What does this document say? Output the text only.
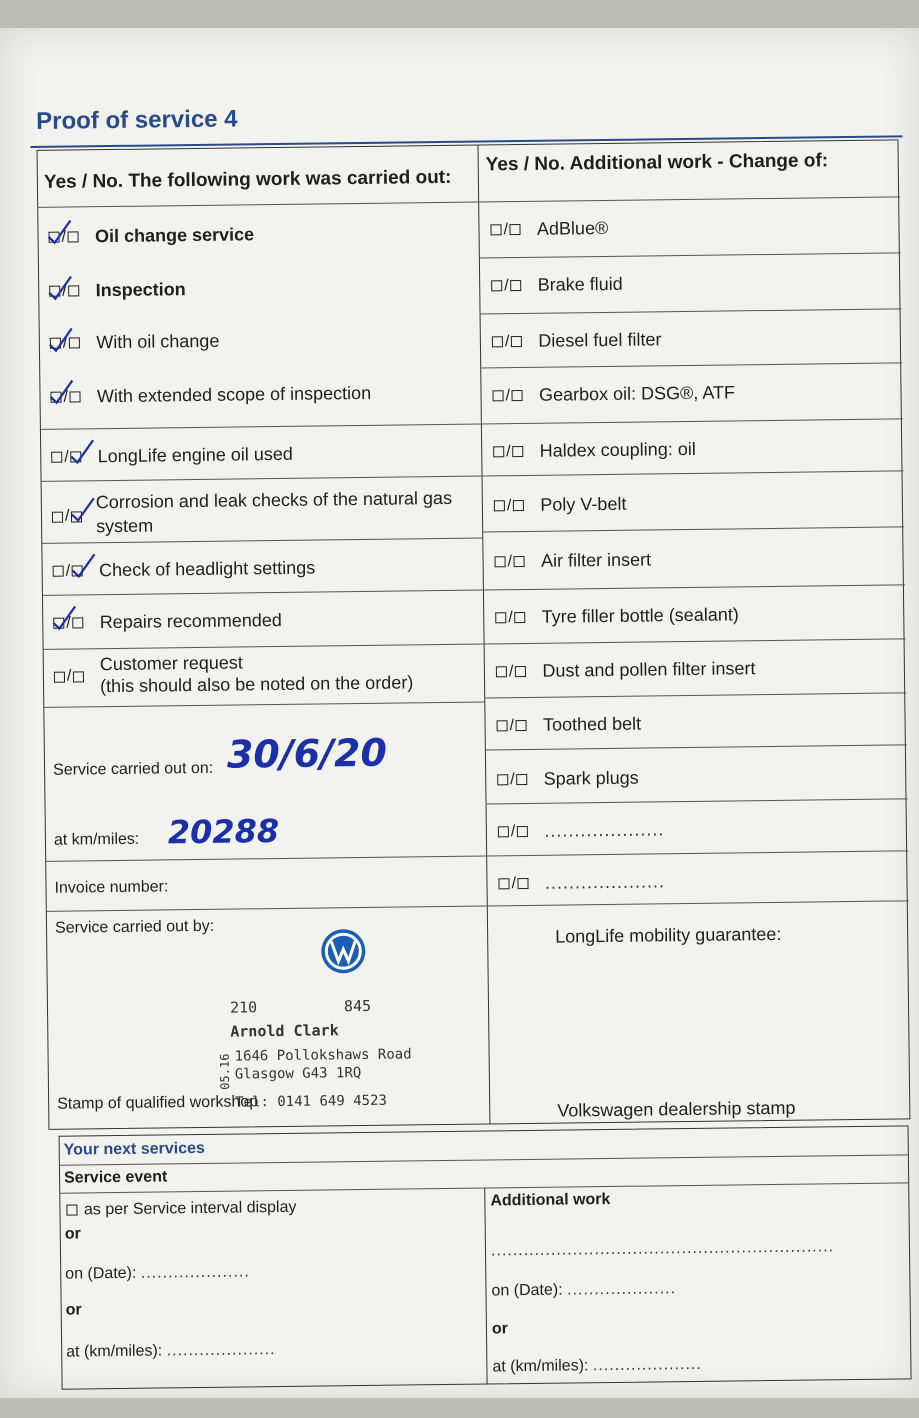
Proof of service 4
Yes / No. The following work was carried out:
Yes / No. Additional work - Change of:
/ Oil change service
/ Inspection
/ With oil change
/ With extended scope of inspection
/ LongLife engine oil used
/
Corrosion and leak checks of the natural gas
system
/ Check of headlight settings
/ Repairs recommended
/
Customer request
(this should also be noted on the order)
Service carried out on: 30/6/20
at km/miles: 20288
Invoice number:
Service carried out by:
Stamp of qualified workshop
210	845
Arnold Clark
1646 Pollokshaws Road
Glasgow G43 1RQ
Tel: 0141 649 4523
05.16
/ AdBlue®
/ Brake fluid
/ Diesel fuel filter
/ Gearbox oil: DSG®, ATF
/ Haldex coupling: oil
/ Poly V-belt
/ Air filter insert
/ Tyre filler bottle (sealant)
/ Dust and pollen filter insert
/ Toothed belt
/ Spark plugs
/ ....................
/ ....................
LongLife mobility guarantee:
Volkswagen dealership stamp
Your next services
Service event
Additional work
as per Service interval display
or
on (Date): ....................
or
at (km/miles): ....................
...............................................................
on (Date): ....................
or
at (km/miles): ....................
